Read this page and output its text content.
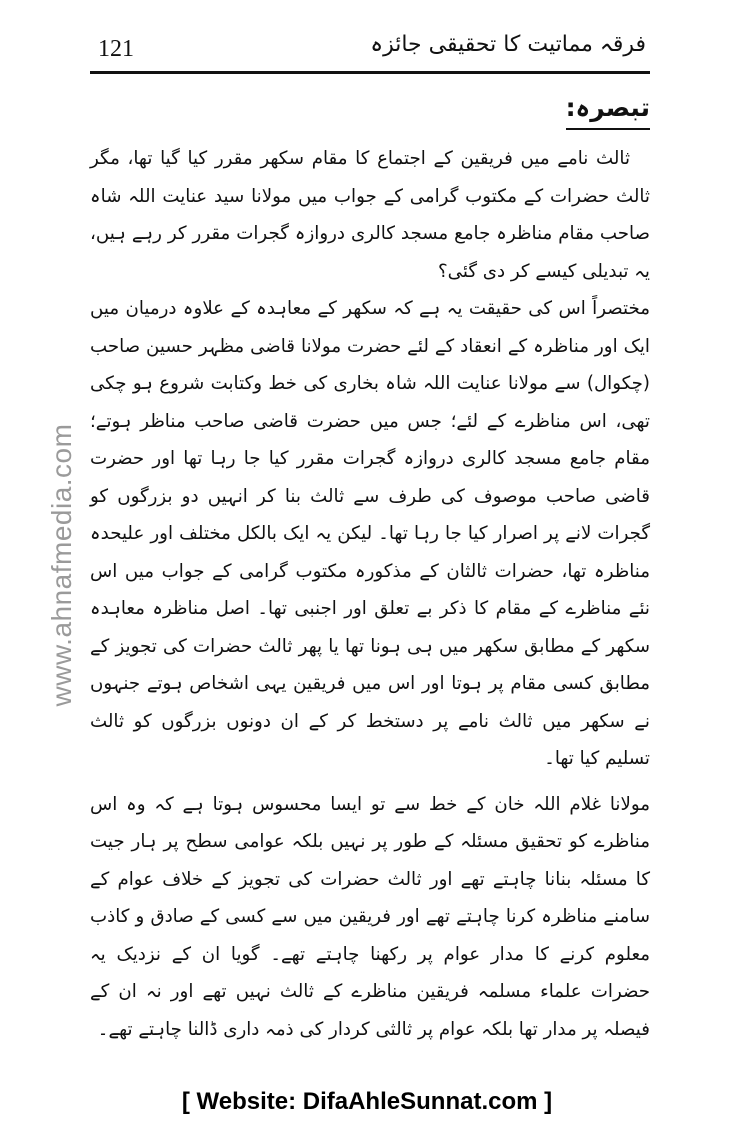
121	فرقہ مماتیت کا تحقیقی جائزہ
www.ahnafmedia.com
تبصرہ:

ثالث نامے میں فریقین کے اجتماع کا مقام سکھر مقرر کیا گیا تھا، مگر ثالث حضرات کے مکتوب گرامی کے جواب میں مولانا سید عنایت اللہ شاہ صاحب مقام مناظرہ جامع مسجد کالری دروازہ گجرات مقرر کر رہے ہیں، یہ تبدیلی کیسے کر دی گئی؟

مختصراً اس کی حقیقت یہ ہے کہ سکھر کے معاہدہ کے علاوہ درمیان میں ایک اور مناظرہ کے انعقاد کے لئے حضرت مولانا قاضی مظہر حسین صاحب (چکوال) سے مولانا عنایت اللہ شاہ بخاری کی خط وکتابت شروع ہو چکی تھی، اس مناظرے کے لئے؛ جس میں حضرت قاضی صاحب مناظر ہوتے؛ مقام جامع مسجد کالری دروازہ گجرات مقرر کیا جا رہا تھا اور حضرت قاضی صاحب موصوف کی طرف سے ثالث بنا کر انہیں دو بزرگوں کو گجرات لانے پر اصرار کیا جا رہا تھا۔ لیکن یہ ایک بالکل مختلف اور علیحدہ مناظرہ تھا، حضرات ثالثان کے مذکورہ مکتوب گرامی کے جواب میں اس نئے مناظرے کے مقام کا ذکر بے تعلق اور اجنبی تھا۔ اصل مناظرہ معاہدہ سکھر کے مطابق سکھر میں ہی ہونا تھا یا پھر ثالث حضرات کی تجویز کے مطابق کسی مقام پر ہوتا اور اس میں فریقین یہی اشخاص ہوتے جنہوں نے سکھر میں ثالث نامے پر دستخط کر کے ان دونوں بزرگوں کو ثالث تسلیم کیا تھا۔

مولانا غلام اللہ خان کے خط سے تو ایسا محسوس ہوتا ہے کہ وہ اس مناظرے کو تحقیق مسئلہ کے طور پر نہیں بلکہ عوامی سطح پر ہار جیت کا مسئلہ بنانا چاہتے تھے اور ثالث حضرات کی تجویز کے خلاف عوام کے سامنے مناظرہ کرنا چاہتے تھے اور فریقین میں سے کسی کے صادق و کاذب معلوم کرنے کا مدار عوام پر رکھنا چاہتے تھے۔ گویا ان کے نزدیک یہ حضرات علماء مسلمہ فریقین مناظرے کے ثالث نہیں تھے اور نہ ان کے فیصلہ پر مدار تھا بلکہ عوام پر ثالثی کردار کی ذمہ داری ڈالنا چاہتے تھے۔

[ Website: DifaAhleSunnat.com ]
